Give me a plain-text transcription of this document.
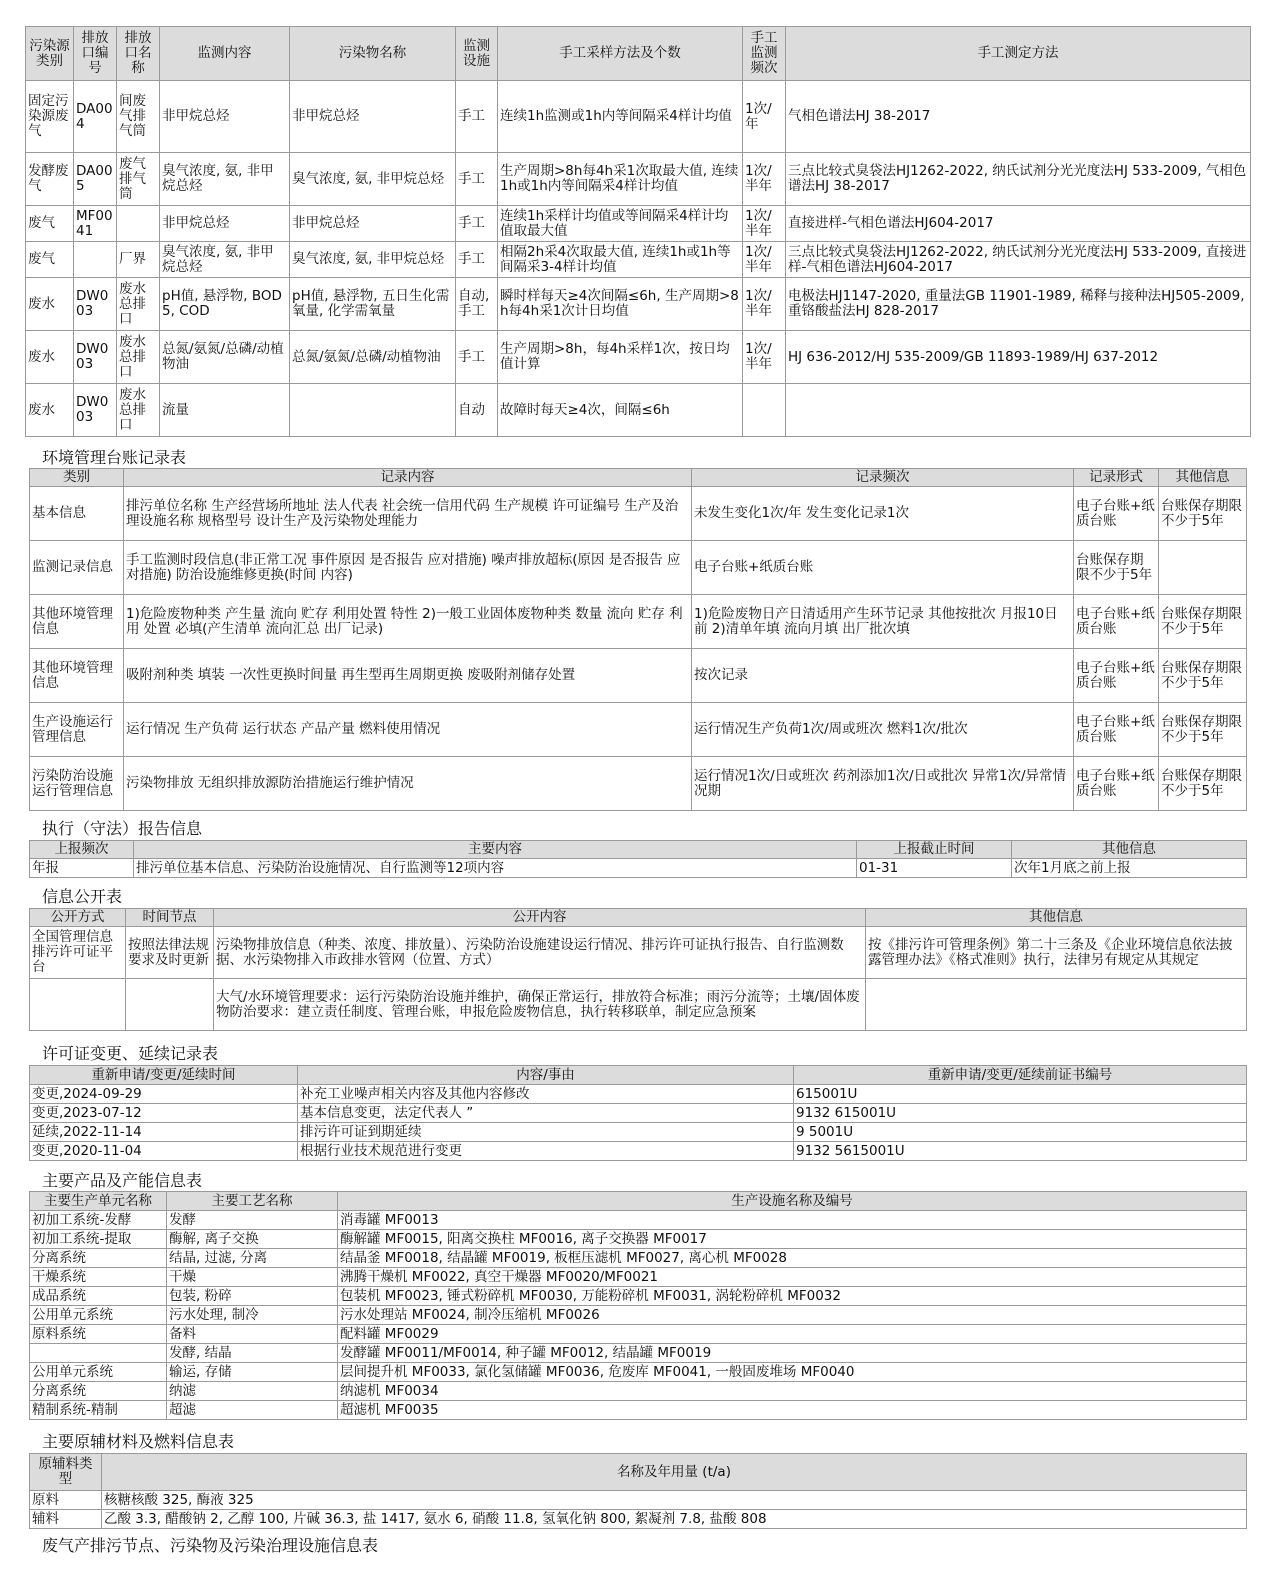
污染源类别	排放口编号	排放口名称	监测内容	污染物名称	监测设施	手工采样方法及个数	手工监测频次	手工测定方法
固定污染源废气	DA004	间废气排气筒	非甲烷总烃	非甲烷总烃	手工	连续1h监测或1h内等间隔采4样计均值	1次/年	气相色谱法HJ 38-2017
发酵废气	DA005	废气排气筒	臭气浓度, 氨, 非甲烷总烃	臭气浓度, 氨, 非甲烷总烃	手工	生产周期>8h每4h采1次取最大值, 连续1h或1h内等间隔采4样计均值	1次/半年	三点比较式臭袋法HJ1262-2022, 纳氏试剂分光光度法HJ 533-2009, 气相色谱法HJ 38-2017
废气	MF0041		非甲烷总烃	非甲烷总烃	手工	连续1h采样计均值或等间隔采4样计均值取最大值	1次/半年	直接进样-气相色谱法HJ604-2017
废气		厂界	臭气浓度, 氨, 非甲烷总烃	臭气浓度, 氨, 非甲烷总烃	手工	相隔2h采4次取最大值, 连续1h或1h等间隔采3-4样计均值	1次/半年	三点比较式臭袋法HJ1262-2022, 纳氏试剂分光光度法HJ 533-2009, 直接进样-气相色谱法HJ604-2017
废水	DW003	废水总排口	pH值, 悬浮物, BOD5, COD	pH值, 悬浮物, 五日生化需氧量, 化学需氧量	自动, 手工	瞬时样每天≥4次间隔≤6h, 生产周期>8h每4h采1次计日均值	1次/半年	电极法HJ1147-2020, 重量法GB 11901-1989, 稀释与接种法HJ505-2009, 重铬酸盐法HJ 828-2017
废水	DW003	废水总排口	总氮/氨氮/总磷/动植物油	总氮/氨氮/总磷/动植物油	手工	生产周期>8h，每4h采样1次，按日均值计算	1次/半年	HJ 636-2012/HJ 535-2009/GB 11893-1989/HJ 637-2012
废水	DW003	废水总排口	流量		自动	故障时每天≥4次，间隔≤6h		
环境管理台账记录表
类别	记录内容	记录频次	记录形式	其他信息
基本信息	排污单位名称 生产经营场所地址 法人代表 社会统一信用代码 生产规模 许可证编号 生产及治理设施名称 规格型号 设计生产及污染物处理能力	未发生变化1次/年 发生变化记录1次	电子台账+纸质台账	台账保存期限不少于5年
监测记录信息	手工监测时段信息(非正常工况 事件原因 是否报告 应对措施) 噪声排放超标(原因 是否报告 应对措施) 防治设施维修更换(时间 内容)	电子台账+纸质台账	台账保存期限不少于5年	
其他环境管理信息	1)危险废物种类 产生量 流向 贮存 利用处置 特性 2)一般工业固体废物种类 数量 流向 贮存 利用 处置 必填(产生清单 流向汇总 出厂记录)	1)危险废物日产日清适用产生环节记录 其他按批次 月报10日前 2)清单年填 流向月填 出厂批次填	电子台账+纸质台账	台账保存期限不少于5年
其他环境管理信息	吸附剂种类 填装 一次性更换时间量 再生型再生周期更换 废吸附剂储存处置	按次记录	电子台账+纸质台账	台账保存期限不少于5年
生产设施运行管理信息	运行情况 生产负荷 运行状态 产品产量 燃料使用情况	运行情况生产负荷1次/周或班次 燃料1次/批次	电子台账+纸质台账	台账保存期限不少于5年
污染防治设施运行管理信息	污染物排放 无组织排放源防治措施运行维护情况	运行情况1次/日或班次 药剂添加1次/日或批次 异常1次/异常情况期	电子台账+纸质台账	台账保存期限不少于5年
执行（守法）报告信息
上报频次	主要内容	上报截止时间	其他信息
年报	排污单位基本信息、污染防治设施情况、自行监测等12项内容	01-31	次年1月底之前上报
信息公开表
公开方式	时间节点	公开内容	其他信息
全国管理信息排污许可证平台	按照法律法规要求及时更新	污染物排放信息（种类、浓度、排放量）、污染防治设施建设运行情况、排污许可证执行报告、自行监测数据、水污染物排入市政排水管网（位置、方式）	按《排污许可管理条例》第二十三条及《企业环境信息依法披露管理办法》《格式准则》执行，法律另有规定从其规定
		大气/水环境管理要求：运行污染防治设施并维护，确保正常运行，排放符合标准；雨污分流等；土壤/固体废物防治要求：建立责任制度、管理台账，申报危险废物信息，执行转移联单，制定应急预案	
许可证变更、延续记录表
重新申请/变更/延续时间	内容/事由	重新申请/变更/延续前证书编号
变更,2024-09-29	补充工业噪声相关内容及其他内容修改	615001U
变更,2023-07-12	基本信息变更，法定代表人 ”	9132 615001U
延续,2022-11-14	排污许可证到期延续	9 5001U
变更,2020-11-04	根据行业技术规范进行变更	9132 5615001U
主要产品及产能信息表
主要生产单元名称	主要工艺名称	生产设施名称及编号
初加工系统-发酵	发酵	消毒罐 MF0013
初加工系统-提取	酶解, 离子交换	酶解罐 MF0015, 阳离交换柱 MF0016, 离子交换器 MF0017
分离系统	结晶, 过滤, 分离	结晶釜 MF0018, 结晶罐 MF0019, 板框压滤机 MF0027, 离心机 MF0028
干燥系统	干燥	沸腾干燥机 MF0022, 真空干燥器 MF0020/MF0021
成品系统	包装, 粉碎	包装机 MF0023, 锤式粉碎机 MF0030, 万能粉碎机 MF0031, 涡轮粉碎机 MF0032
公用单元系统	污水处理, 制冷	污水处理站 MF0024, 制冷压缩机 MF0026
原料系统	备料	配料罐 MF0029
	发酵, 结晶	发酵罐 MF0011/MF0014, 种子罐 MF0012, 结晶罐 MF0019
公用单元系统	输运, 存储	层间提升机 MF0033, 氯化氢储罐 MF0036, 危废库 MF0041, 一般固废堆场 MF0040
分离系统	纳滤	纳滤机 MF0034
精制系统-精制	超滤	超滤机 MF0035
主要原辅材料及燃料信息表
原辅料类型	名称及年用量 (t/a)
原料	核糖核酸 325, 酶液 325
辅料	乙酸 3.3, 醋酸钠 2, 乙醇 100, 片碱 36.3, 盐 1417, 氨水 6, 硝酸 11.8, 氢氧化钠 800, 絮凝剂 7.8, 盐酸 808
废气产排污节点、污染物及污染治理设施信息表
